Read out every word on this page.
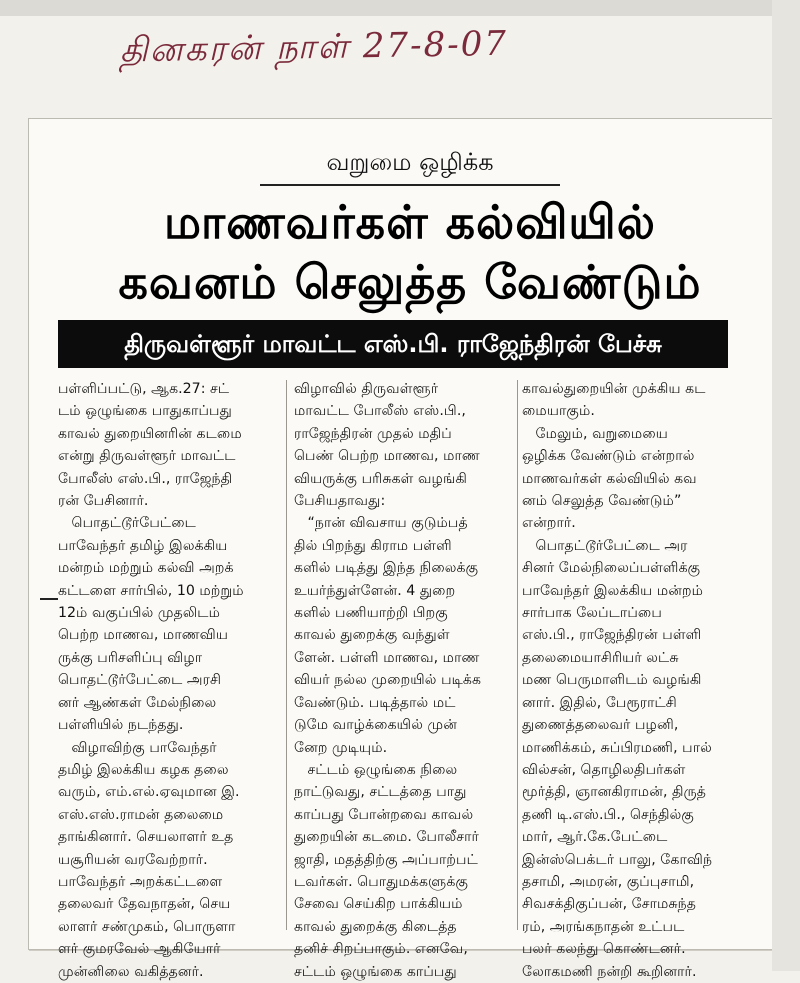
தினகரன் நாள் 27-8-07
வறுமை ஒழிக்க
மாணவர்கள் கல்வியில்
கவனம் செலுத்த வேண்டும்
திருவள்ளூர் மாவட்ட எஸ்.பி. ராஜேந்திரன் பேச்சு
பள்ளிப்பட்டு, ஆக.27: சட்
டம் ஒழுங்கை பாதுகாப்பது
காவல் துறையினரின் கடமை
என்று திருவள்ளூர் மாவட்ட
போலீஸ் எஸ்.பி., ராஜேந்தி
ரன் பேசினார்.
பொதட்டூர்பேட்டை
பாவேந்தர் தமிழ் இலக்கிய
மன்றம் மற்றும் கல்வி அறக்
கட்டளை சார்பில், 10 மற்றும்
12ம் வகுப்பில் முதலிடம்
பெற்ற மாணவ, மாணவிய
ருக்கு பரிசளிப்பு விழா
பொதட்டூர்பேட்டை அரசி
னர் ஆண்கள் மேல்நிலை
பள்ளியில் நடந்தது.
விழாவிற்கு பாவேந்தர்
தமிழ் இலக்கிய கழக தலை
வரும், எம்.எல்.ஏவுமான இ.
எஸ்.எஸ்.ராமன் தலைமை
தாங்கினார். செயலாளர் உத
யசூரியன் வரவேற்றார்.
பாவேந்தர் அறக்கட்டளை
தலைவர் தேவநாதன், செய
லாளர் சண்முகம், பொருளா
ளர் குமரவேல் ஆகியோர்
முன்னிலை வகித்தனர்.
விழாவில் திருவள்ளூர்
மாவட்ட போலீஸ் எஸ்.பி.,
ராஜேந்திரன் முதல் மதிப்
பெண் பெற்ற மாணவ, மாண
வியருக்கு பரிசுகள் வழங்கி
பேசியதாவது:
“நான் விவசாய குடும்பத்
தில் பிறந்து கிராம பள்ளி
களில் படித்து இந்த நிலைக்கு
உயர்ந்துள்ளேன். 4 துறை
களில் பணியாற்றி பிறகு
காவல் துறைக்கு வந்துள்
ளேன். பள்ளி மாணவ, மாண
வியர் நல்ல முறையில் படிக்க
வேண்டும். படித்தால் மட்
டுமே வாழ்க்கையில் முன்
னேற முடியும்.
சட்டம் ஒழுங்கை நிலை
நாட்டுவது, சட்டத்தை பாது
காப்பது போன்றவை காவல்
துறையின் கடமை. போலீசார்
ஜாதி, மதத்திற்கு அப்பாற்பட்
டவர்கள். பொதுமக்களுக்கு
சேவை செய்கிற பாக்கியம்
காவல் துறைக்கு கிடைத்த
தனிச் சிறப்பாகும். எனவே,
சட்டம் ஒழுங்கை காப்பது
காவல்துறையின் முக்கிய கட
மையாகும்.
மேலும், வறுமையை
ஒழிக்க வேண்டும் என்றால்
மாணவர்கள் கல்வியில் கவ
னம் செலுத்த வேண்டும்”
என்றார்.
பொதட்டூர்பேட்டை அர
சினர் மேல்நிலைப்பள்ளிக்கு
பாவேந்தர் இலக்கிய மன்றம்
சார்பாக லேப்டாப்பை
எஸ்.பி., ராஜேந்திரன் பள்ளி
தலைமையாசிரியர் லட்சு
மண பெருமாளிடம் வழங்கி
னார். இதில், பேரூராட்சி
துணைத்தலைவர் பழனி,
மாணிக்கம், சுப்பிரமணி, பால்
வில்சன், தொழிலதிபர்கள்
மூர்த்தி, ஞானகிராமன், திருத்
தணி டி.எஸ்.பி., செந்தில்கு
மார், ஆர்.கே.பேட்டை
இன்ஸ்பெக்டர் பாலு, கோவிந்
தசாமி, அமரன், குப்புசாமி,
சிவசக்திகுப்பன், சோமசுந்த
ரம், அரங்கநாதன் உட்பட
பலர் கலந்து கொண்டனர்.
லோகமணி நன்றி கூறினார்.
